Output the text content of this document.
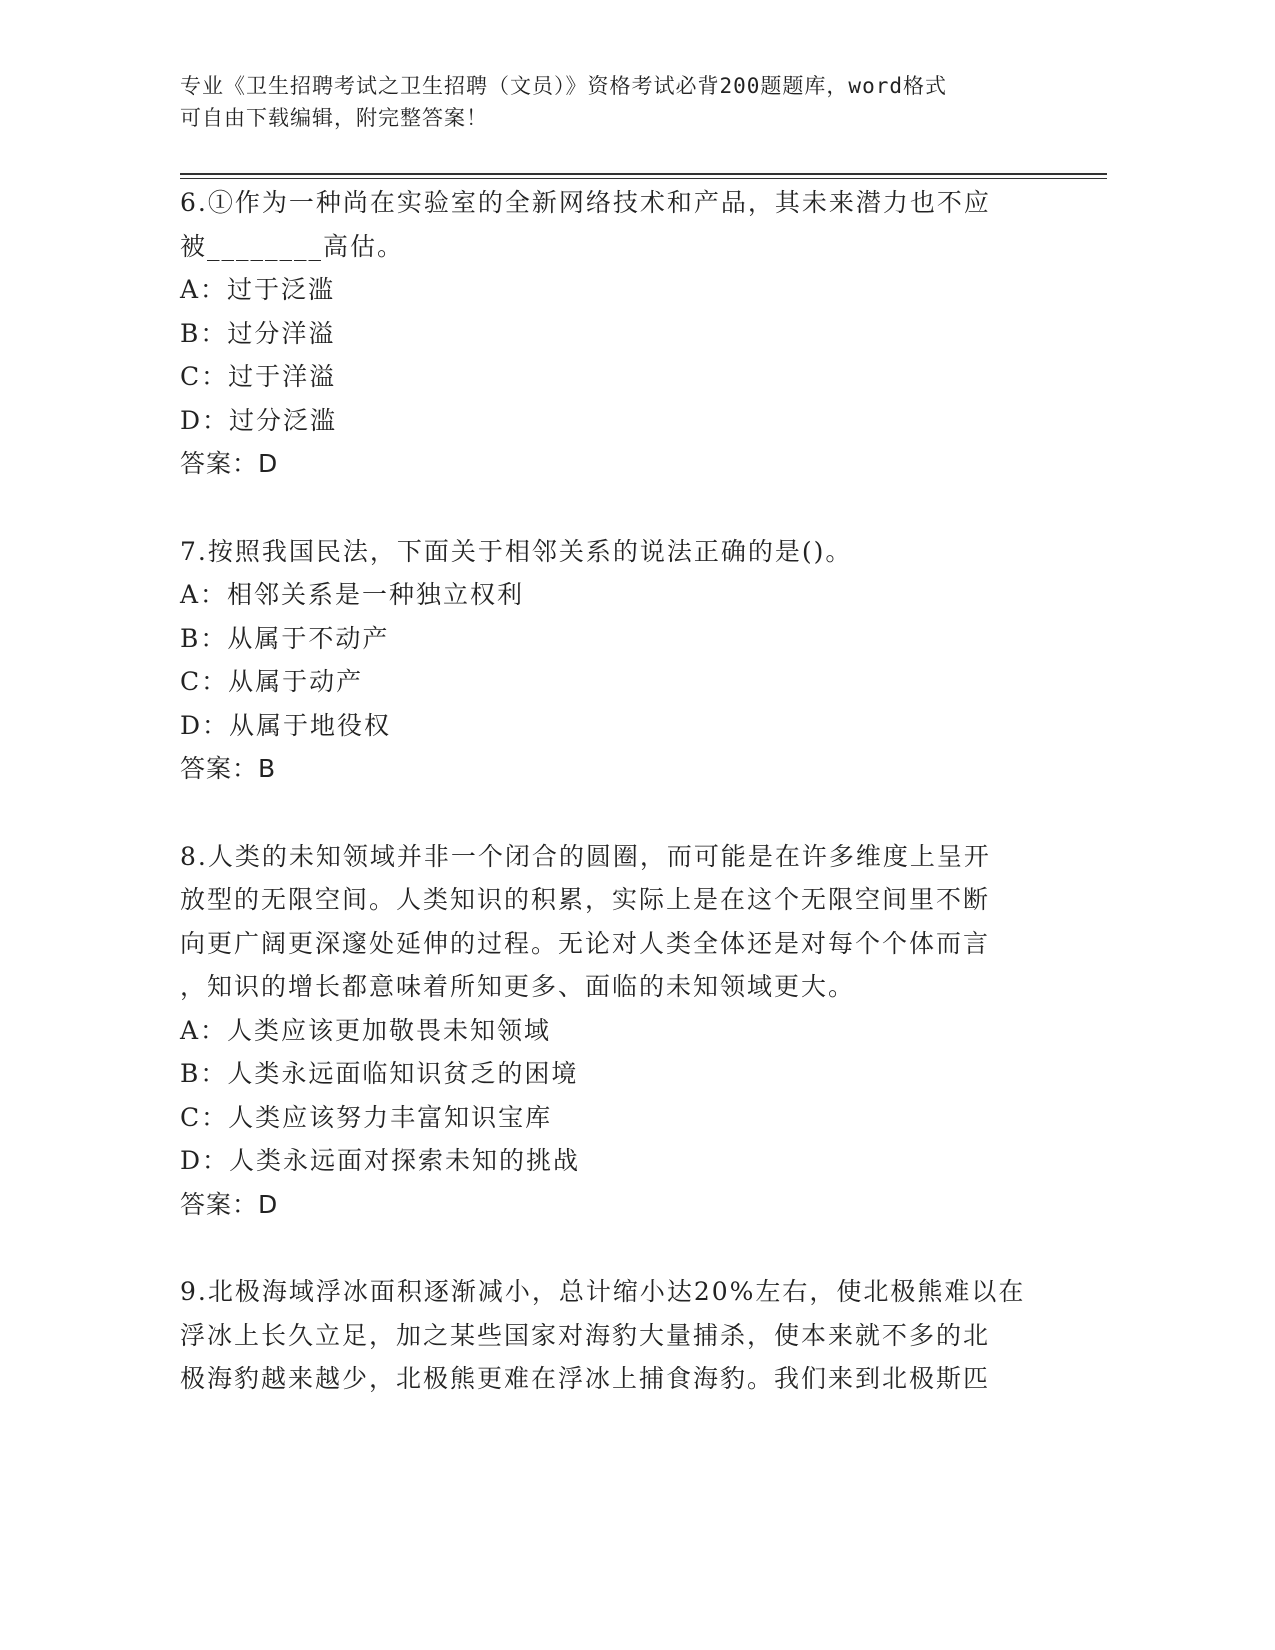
专业《卫生招聘考试之卫生招聘（文员）》资格考试必背200题题库，word格式
可自由下载编辑，附完整答案！

6.①作为一种尚在实验室的全新网络技术和产品，其未来潜力也不应

被________高估。

A：过于泛滥

B：过分洋溢

C：过于洋溢

D：过分泛滥

答案：D

7.按照我国民法，下面关于相邻关系的说法正确的是()。

A：相邻关系是一种独立权利

B：从属于不动产

C：从属于动产

D：从属于地役权

答案：B

8.人类的未知领域并非一个闭合的圆圈，而可能是在许多维度上呈开

放型的无限空间。人类知识的积累，实际上是在这个无限空间里不断

向更广阔更深邃处延伸的过程。无论对人类全体还是对每个个体而言

，知识的增长都意味着所知更多、面临的未知领域更大。

A：人类应该更加敬畏未知领域

B：人类永远面临知识贫乏的困境

C：人类应该努力丰富知识宝库

D：人类永远面对探索未知的挑战

答案：D

9.北极海域浮冰面积逐渐减小，总计缩小达20%左右，使北极熊难以在

浮冰上长久立足，加之某些国家对海豹大量捕杀，使本来就不多的北

极海豹越来越少，北极熊更难在浮冰上捕食海豹。我们来到北极斯匹
